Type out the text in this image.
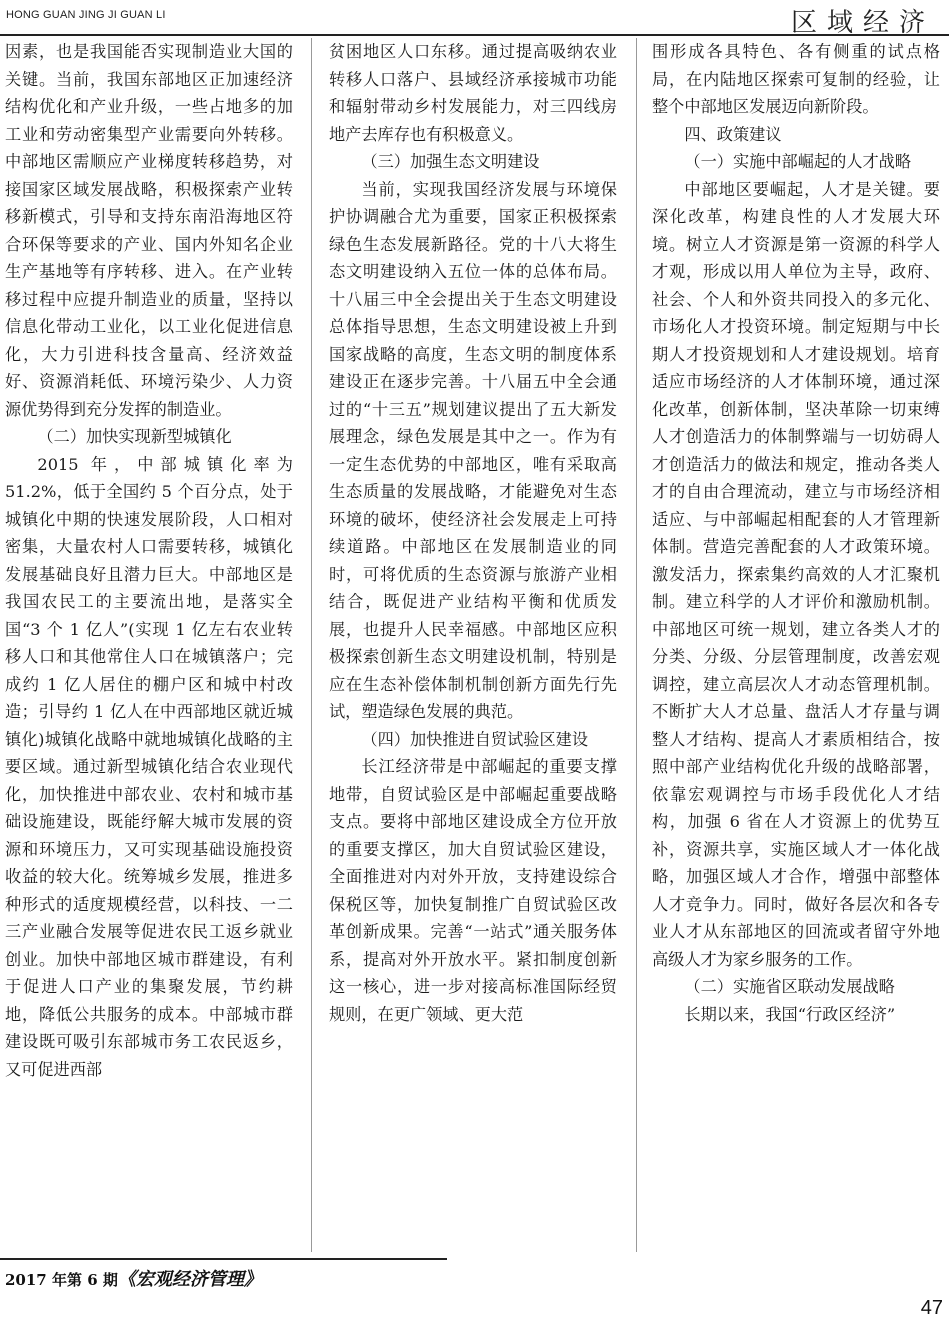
HONG GUAN JING JI GUAN LI	区域经济

因素，也是我国能否实现制造业大国的关键。当前，我国东部地区正加速经济结构优化和产业升级，一些占地多的加工业和劳动密集型产业需要向外转移。中部地区需顺应产业梯度转移趋势，对接国家区域发展战略，积极探索产业转移新模式，引导和支持东南沿海地区符合环保等要求的产业、国内外知名企业生产基地等有序转移、进入。在产业转移过程中应提升制造业的质量，坚持以信息化带动工业化，以工业化促进信息化，大力引进科技含量高、经济效益好、资源消耗低、环境污染少、人力资源优势得到充分发挥的制造业。

（二）加快实现新型城镇化

2015 年，中部城镇化率为 51.2%，低于全国约 5 个百分点，处于城镇化中期的快速发展阶段，人口相对密集，大量农村人口需要转移，城镇化发展基础良好且潜力巨大。中部地区是我国农民工的主要流出地，是落实全国“3 个 1 亿人”(实现 1 亿左右农业转移人口和其他常住人口在城镇落户；完成约 1 亿人居住的棚户区和城中村改造；引导约 1 亿人在中西部地区就近城镇化)城镇化战略中就地城镇化战略的主要区域。通过新型城镇化结合农业现代化，加快推进中部农业、农村和城市基础设施建设，既能纾解大城市发展的资源和环境压力，又可实现基础设施投资收益的较大化。统筹城乡发展，推进多种形式的适度规模经营，以科技、一二三产业融合发展等促进农民工返乡就业创业。加快中部地区城市群建设，有利于促进人口产业的集聚发展，节约耕地，降低公共服务的成本。中部城市群建设既可吸引东部城市务工农民返乡，又可促进西部

贫困地区人口东移。通过提高吸纳农业转移人口落户、县域经济承接城市功能和辐射带动乡村发展能力，对三四线房地产去库存也有积极意义。

（三）加强生态文明建设

当前，实现我国经济发展与环境保护协调融合尤为重要，国家正积极探索绿色生态发展新路径。党的十八大将生态文明建设纳入五位一体的总体布局。十八届三中全会提出关于生态文明建设总体指导思想，生态文明建设被上升到国家战略的高度，生态文明的制度体系建设正在逐步完善。十八届五中全会通过的“十三五”规划建议提出了五大新发展理念，绿色发展是其中之一。作为有一定生态优势的中部地区，唯有采取高生态质量的发展战略，才能避免对生态环境的破坏，使经济社会发展走上可持续道路。中部地区在发展制造业的同时，可将优质的生态资源与旅游产业相结合，既促进产业结构平衡和优质发展，也提升人民幸福感。中部地区应积极探索创新生态文明建设机制，特别是应在生态补偿体制机制创新方面先行先试，塑造绿色发展的典范。

（四）加快推进自贸试验区建设

长江经济带是中部崛起的重要支撑地带，自贸试验区是中部崛起重要战略支点。要将中部地区建设成全方位开放的重要支撑区，加大自贸试验区建设，全面推进对内对外开放，支持建设综合保税区等，加快复制推广自贸试验区改革创新成果。完善“一站式”通关服务体系，提高对外开放水平。紧扣制度创新这一核心，进一步对接高标准国际经贸规则，在更广领域、更大范

围形成各具特色、各有侧重的试点格局，在内陆地区探索可复制的经验，让整个中部地区发展迈向新阶段。

四、政策建议

（一）实施中部崛起的人才战略

中部地区要崛起，人才是关键。要深化改革，构建良性的人才发展大环境。树立人才资源是第一资源的科学人才观，形成以用人单位为主导，政府、社会、个人和外资共同投入的多元化、市场化人才投资环境。制定短期与中长期人才投资规划和人才建设规划。培育适应市场经济的人才体制环境，通过深化改革，创新体制，坚决革除一切束缚人才创造活力的体制弊端与一切妨碍人才创造活力的做法和规定，推动各类人才的自由合理流动，建立与市场经济相适应、与中部崛起相配套的人才管理新体制。营造完善配套的人才政策环境。激发活力，探索集约高效的人才汇聚机制。建立科学的人才评价和激励机制。中部地区可统一规划，建立各类人才的分类、分级、分层管理制度，改善宏观调控，建立高层次人才动态管理机制。不断扩大人才总量、盘活人才存量与调整人才结构、提高人才素质相结合，按照中部产业结构优化升级的战略部署，依靠宏观调控与市场手段优化人才结构，加强 6 省在人才资源上的优势互补，资源共享，实施区域人才一体化战略，加强区域人才合作，增强中部整体人才竞争力。同时，做好各层次和各专业人才从东部地区的回流或者留守外地高级人才为家乡服务的工作。

（二）实施省区联动发展战略

长期以来，我国“行政区经济”

2017 年第 6 期《宏观经济管理》
47
